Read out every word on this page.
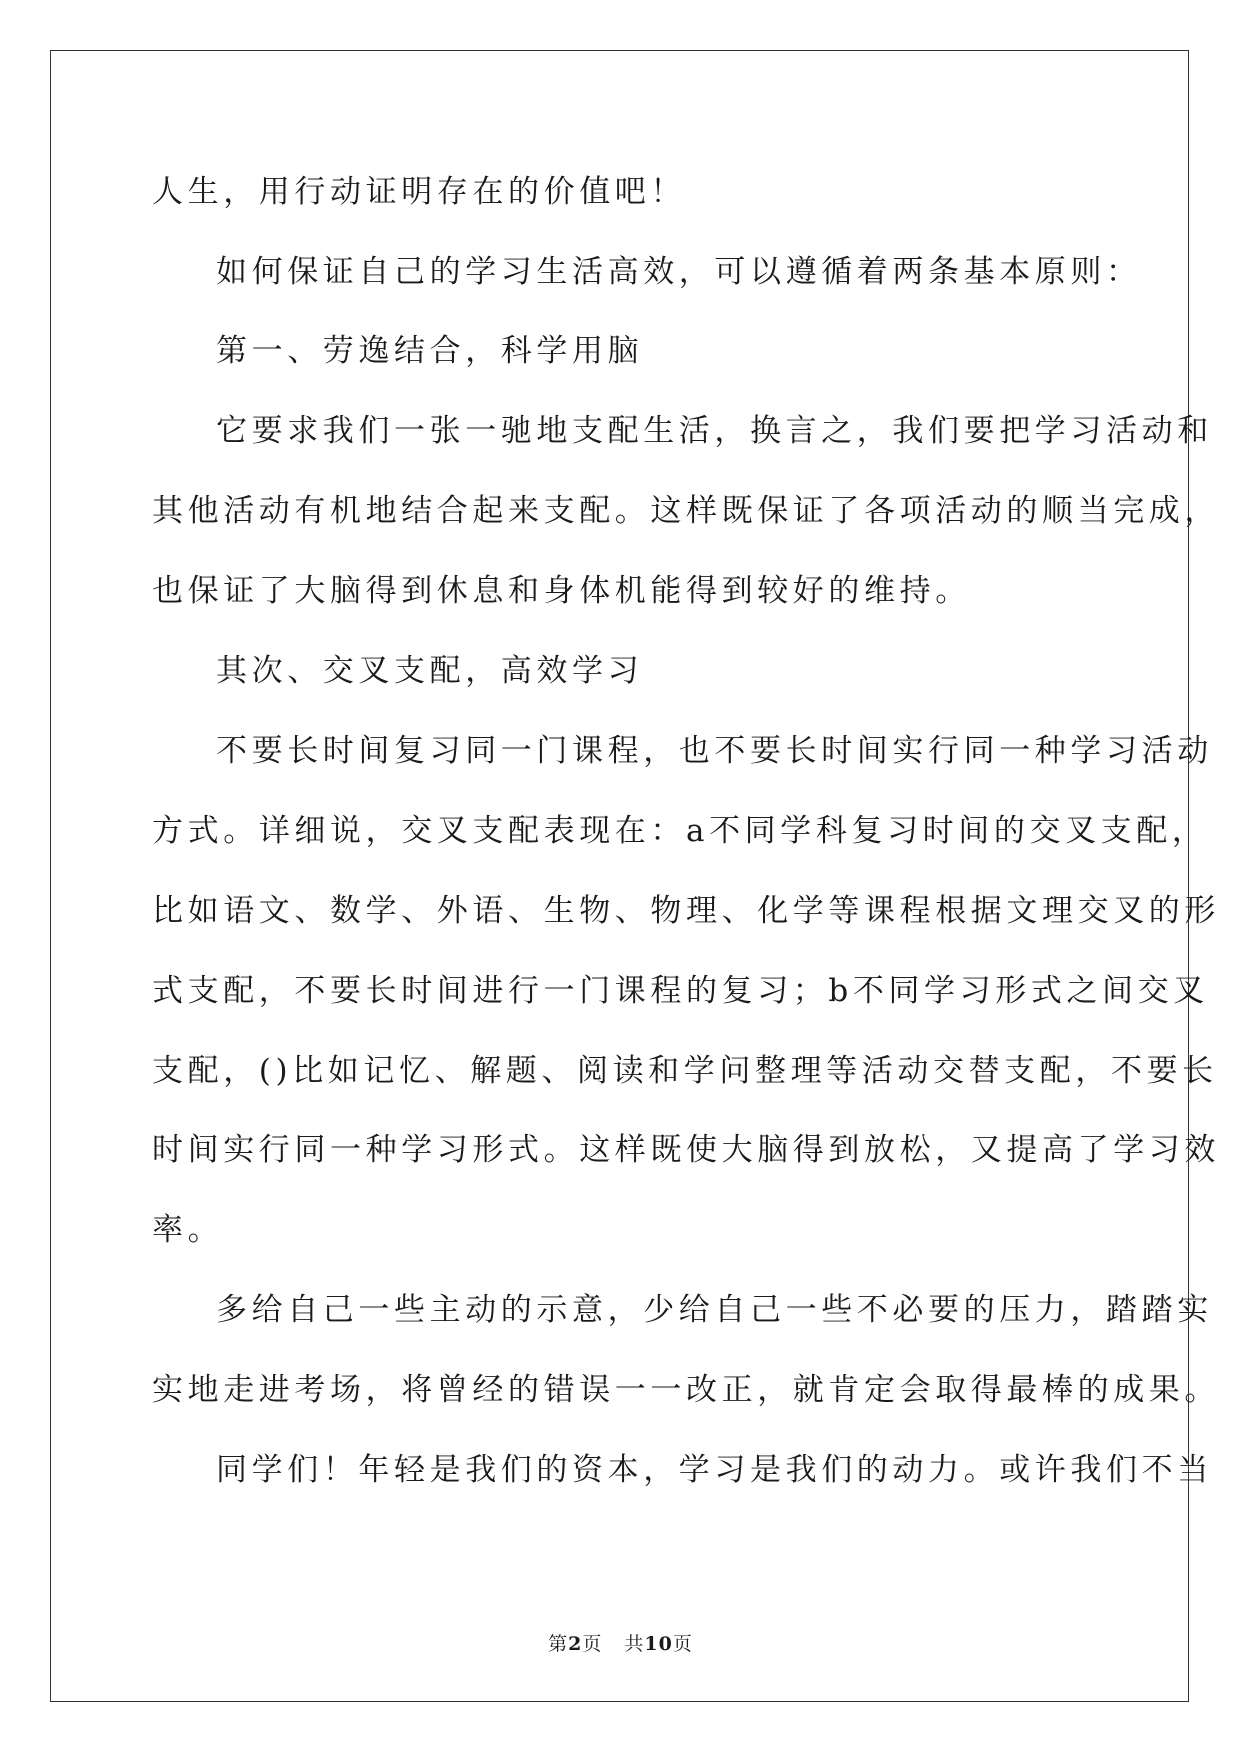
人生，用行动证明存在的价值吧！
如何保证自己的学习生活高效，可以遵循着两条基本原则：
第一、劳逸结合，科学用脑
它要求我们一张一驰地支配生活，换言之，我们要把学习活动和
其他活动有机地结合起来支配。这样既保证了各项活动的顺当完成，
也保证了大脑得到休息和身体机能得到较好的维持。
其次、交叉支配，高效学习
不要长时间复习同一门课程，也不要长时间实行同一种学习活动
方式。详细说，交叉支配表现在：a不同学科复习时间的交叉支配，
比如语文、数学、外语、生物、物理、化学等课程根据文理交叉的形
式支配，不要长时间进行一门课程的复习；b不同学习形式之间交叉
支配，()比如记忆、解题、阅读和学问整理等活动交替支配，不要长
时间实行同一种学习形式。这样既使大脑得到放松，又提高了学习效
率。
多给自己一些主动的示意，少给自己一些不必要的压力，踏踏实
实地走进考场，将曾经的错误一一改正，就肯定会取得最棒的成果。
同学们！年轻是我们的资本，学习是我们的动力。或许我们不当
第2页 共10页
